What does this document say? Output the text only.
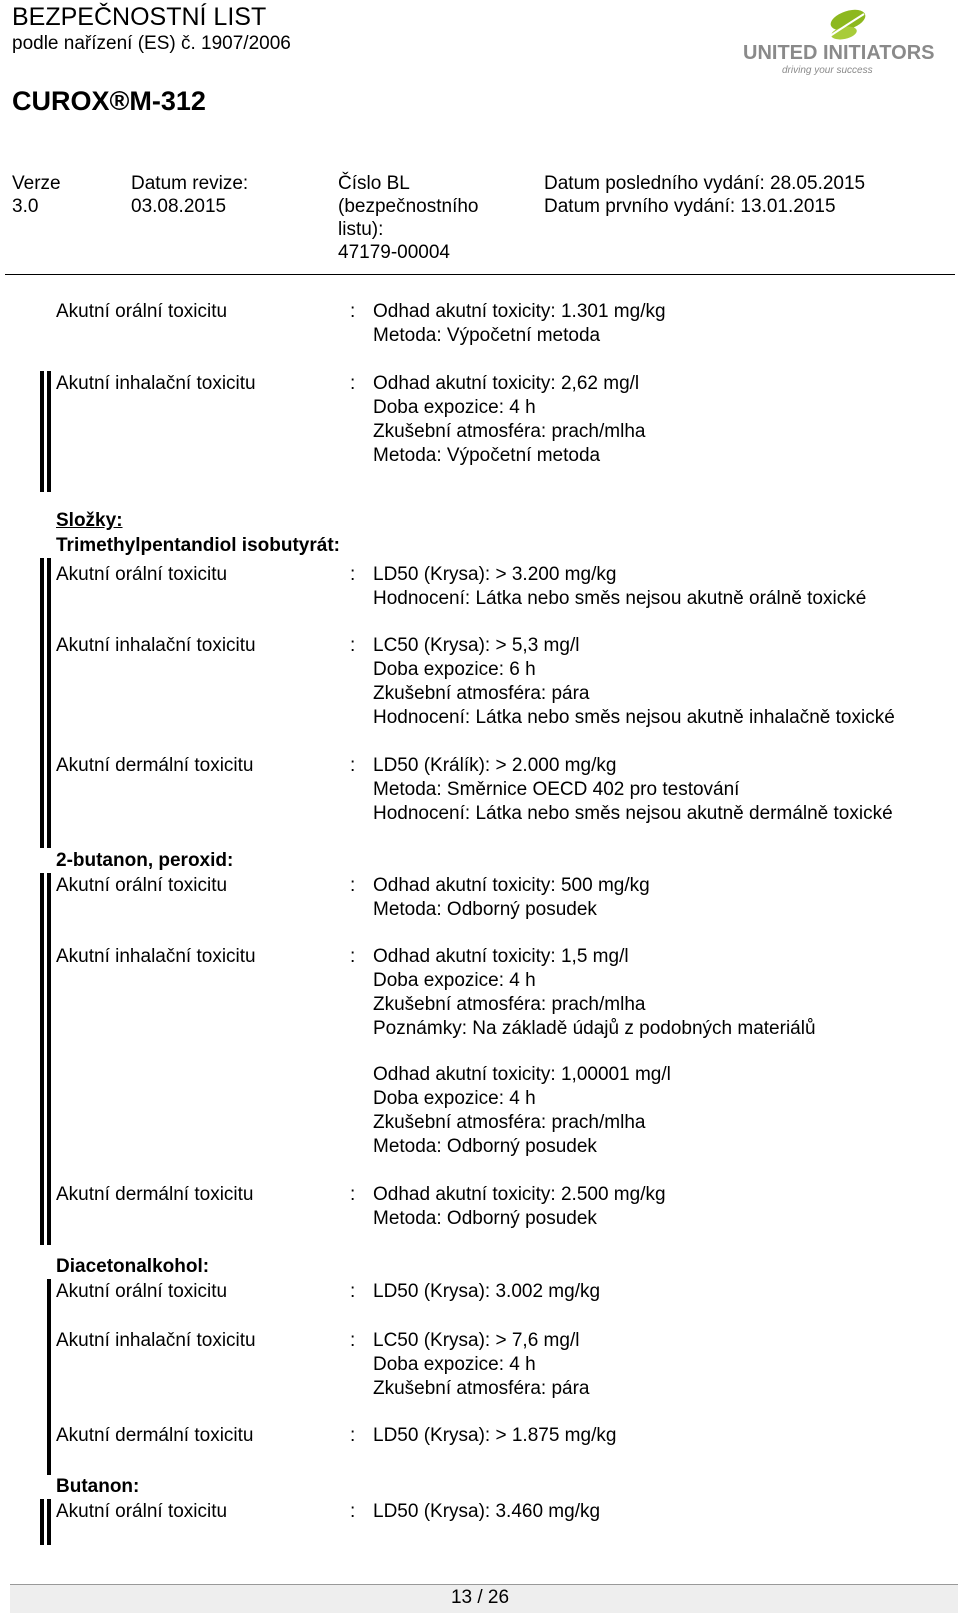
BEZPEČNOSTNÍ LIST
podle nařízení (ES) č. 1907/2006
CUROX®M-312
UNITED INITIATORS
driving your success
Verze
3.0
Datum revize:
03.08.2015
Číslo BL
(bezpečnostního
listu):
47179-00004
Datum posledního vydání: 28.05.2015
Datum prvního vydání: 13.01.2015
Akutní orální toxicitu	: Odhad akutní toxicity: 1.301 mg/kg
Metoda: Výpočetní metoda
Akutní inhalační toxicitu	: Odhad akutní toxicity: 2,62 mg/l
Doba expozice: 4 h
Zkušební atmosféra: prach/mlha
Metoda: Výpočetní metoda
Složky:
Trimethylpentandiol isobutyrát:
Akutní orální toxicitu	: LD50 (Krysa): > 3.200 mg/kg
Hodnocení: Látka nebo směs nejsou akutně orálně toxické
Akutní inhalační toxicitu	: LC50 (Krysa): > 5,3 mg/l
Doba expozice: 6 h
Zkušební atmosféra: pára
Hodnocení: Látka nebo směs nejsou akutně inhalačně toxické
Akutní dermální toxicitu	: LD50 (Králík): > 2.000 mg/kg
Metoda: Směrnice OECD 402 pro testování
Hodnocení: Látka nebo směs nejsou akutně dermálně toxické
2-butanon, peroxid:
Akutní orální toxicitu	: Odhad akutní toxicity: 500 mg/kg
Metoda: Odborný posudek
Akutní inhalační toxicitu	: Odhad akutní toxicity: 1,5 mg/l
Doba expozice: 4 h
Zkušební atmosféra: prach/mlha
Poznámky: Na základě údajů z podobných materiálů
Odhad akutní toxicity: 1,00001 mg/l
Doba expozice: 4 h
Zkušební atmosféra: prach/mlha
Metoda: Odborný posudek
Akutní dermální toxicitu	: Odhad akutní toxicity: 2.500 mg/kg
Metoda: Odborný posudek
Diacetonalkohol:
Akutní orální toxicitu	: LD50 (Krysa): 3.002 mg/kg
Akutní inhalační toxicitu	: LC50 (Krysa): > 7,6 mg/l
Doba expozice: 4 h
Zkušební atmosféra: pára
Akutní dermální toxicitu	: LD50 (Krysa): > 1.875 mg/kg
Butanon:
Akutní orální toxicitu	: LD50 (Krysa): 3.460 mg/kg
13 / 26
